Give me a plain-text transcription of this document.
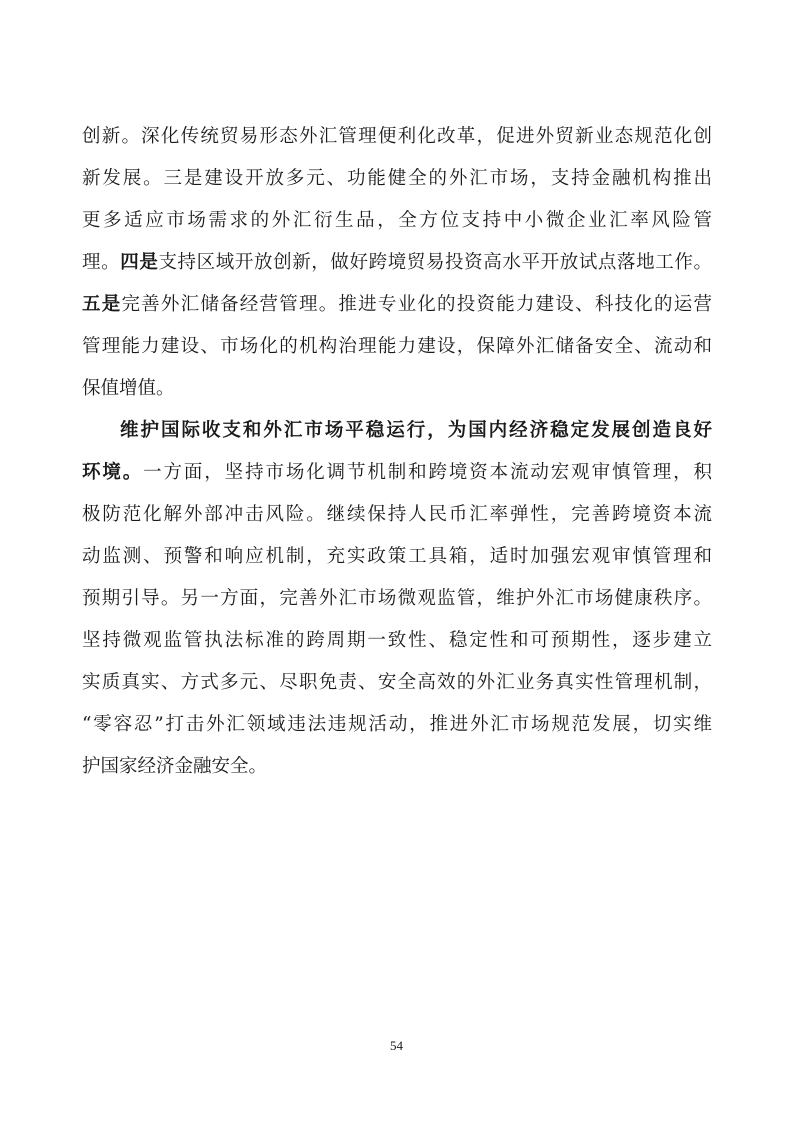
创新。深化传统贸易形态外汇管理便利化改革，促进外贸新业态规范化创
新发展。三是建设开放多元、功能健全的外汇市场，支持金融机构推出
更多适应市场需求的外汇衍生品，全方位支持中小微企业汇率风险管
理。四是支持区域开放创新，做好跨境贸易投资高水平开放试点落地工作。
五是完善外汇储备经营管理。推进专业化的投资能力建设、科技化的运营
管理能力建设、市场化的机构治理能力建设，保障外汇储备安全、流动和
保值增值。
维护国际收支和外汇市场平稳运行，为国内经济稳定发展创造良好
环境。一方面，坚持市场化调节机制和跨境资本流动宏观审慎管理，积
极防范化解外部冲击风险。继续保持人民币汇率弹性，完善跨境资本流
动监测、预警和响应机制，充实政策工具箱，适时加强宏观审慎管理和
预期引导。另一方面，完善外汇市场微观监管，维护外汇市场健康秩序。
坚持微观监管执法标准的跨周期一致性、稳定性和可预期性，逐步建立
实质真实、方式多元、尽职免责、安全高效的外汇业务真实性管理机制，
“零容忍”打击外汇领域违法违规活动，推进外汇市场规范发展，切实维
护国家经济金融安全。
54
